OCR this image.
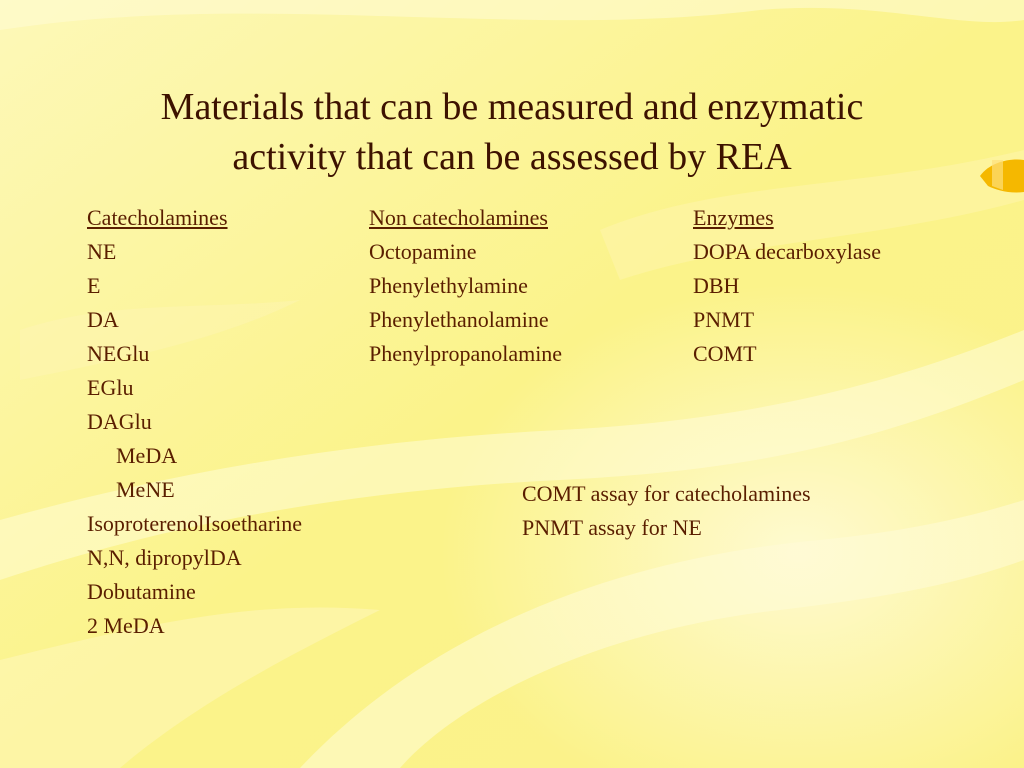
Materials that can be measured and enzymatic
activity that can be assessed by REA
Catecholamines
NE
E
DA
NEGlu
EGlu
DAGlu
MeDA
MeNE
IsoproterenolIsoetharine
N,N, dipropylDA
Dobutamine
2 MeDA
Non catecholamines
Octopamine
Phenylethylamine
Phenylethanolamine
Phenylpropanolamine
Enzymes
DOPA decarboxylase
DBH
PNMT
COMT
COMT assay for catecholamines
PNMT assay for NE
